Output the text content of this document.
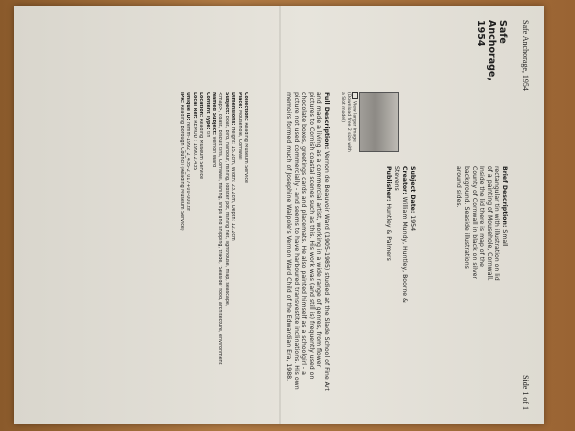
Safe Anchorage, 1954
Side 1 of 1
Safe Anchorage, 1954
View larger image (Download free 2 size with a Slot model)
Brief Description: Small rectangular tin with illustration on lid of a painting of Mousehole, Cornwall. Inside the lid there is map of the County of Cornwall in black on silver background. Seaside illustrations around sides.
Subject Date: 1954
Creator: William Mundy, Huntley, Boorne & Stevens
Publisher: Huntley & Palmers
Full Description: Vernon de Beauvoir Ward (1905-1985) studied at the Slade School of Fine Art and made a living as a commercial artist, working in a wide range of genres, from flower pictures to Cornish coastal scenes such as this. His work was (and still is) frequently used on chocolate boxes, greetings cards and placemats. He also painted himself as a schoolgirl - a picture not used commercially - and seems to have harboured transvestite inclinations. His own memoirs formed much of Josephine Walpole's Vernon Ward Child of the Edwardian Era, 1988.
Collection: Reading Museum Service
Place: Mousehole, Cornwall
Dimensions: Height: 15.2cm, Width: 23.2cm, Depth: 12.2cm
Subject: boat, bird, harbour, fishing, lobster pot, fishing net, lighthouse, map, seascape,
<map>, coast, biscuit tins, Cornwall, fishing, ships and shipping, trade, 'Seaside' food, architecture, environment
Named Subject: Vernon Ward
Content Type: tin
Location: Reading Museum Service
Local Ref: REMOD : 1990.2.435
Unique ID: remm-1992_2_435-2_017+00-000.tif
IPR: Reading Borough Council (Reading Museum Service)
